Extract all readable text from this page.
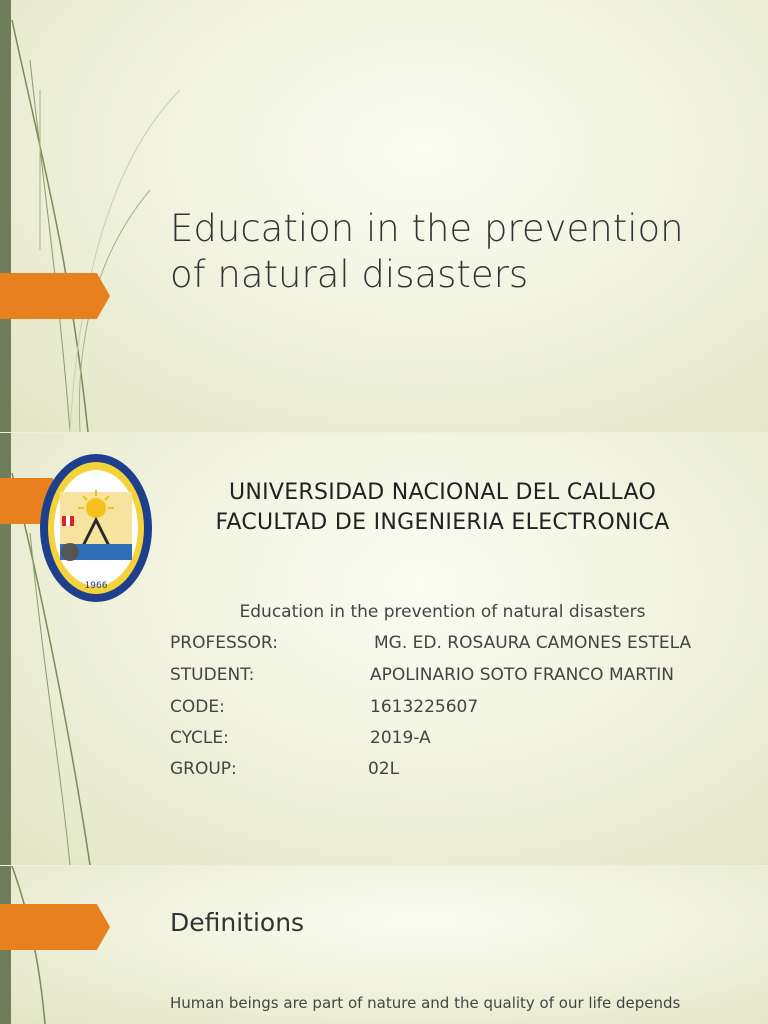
Education in the prevention
of natural disasters
1966
UNIVERSIDAD NACIONAL DEL CALLAO
FACULTAD DE INGENIERIA ELECTRONICA
Education in the prevention of natural disasters
PROFESSOR:	MG. ED. ROSAURA CAMONES ESTELA
STUDENT:	APOLINARIO SOTO FRANCO MARTIN
CODE:	1613225607
CYCLE:	2019-A
GROUP:	02L
Definitions
Human beings are part of nature and the quality of our life depends
